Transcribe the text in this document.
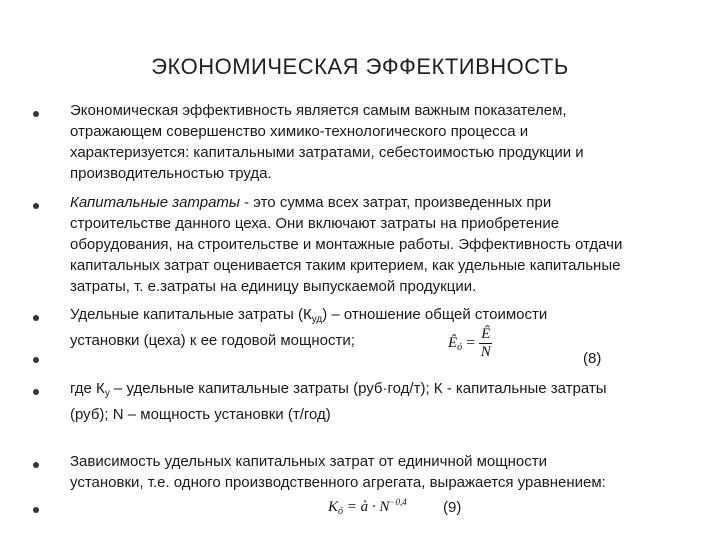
ЭКОНОМИЧЕСКАЯ ЭФФЕКТИВНОСТЬ
Экономическая эффективность является самым важным показателем,
отражающем совершенство химико-технологического процесса и
характеризуется: капитальными затратами, себестоимостью продукции и
производительностью труда.
Капитальные затраты - это сумма всех затрат, произведенных при
строительстве данного цеха. Они включают затраты на приобретение
оборудования, на строительстве и монтажные работы. Эффективность отдачи
капитальных затрат оценивается таким критерием, как удельные капитальные
затраты, т. е.затраты на единицу выпускаемой продукции.
Удельные капитальные затраты $(К_{уд})$ – отношение общей стоимости
установки (цеха) к ее годовой мощности;	$Ê_ó = \frac{Ê}{N}$	(8)
где $К_у$ – удельные капитальные затраты (руб·год/т); К - капитальные затраты
(руб); N – мощность установки (т/год)
Зависимость удельных капитальных затрат от единичной мощности
установки, т.е. одного производственного агрегата, выражается уравнением:
$K_ó$ = à · $N^{-0,4}$ (9)
